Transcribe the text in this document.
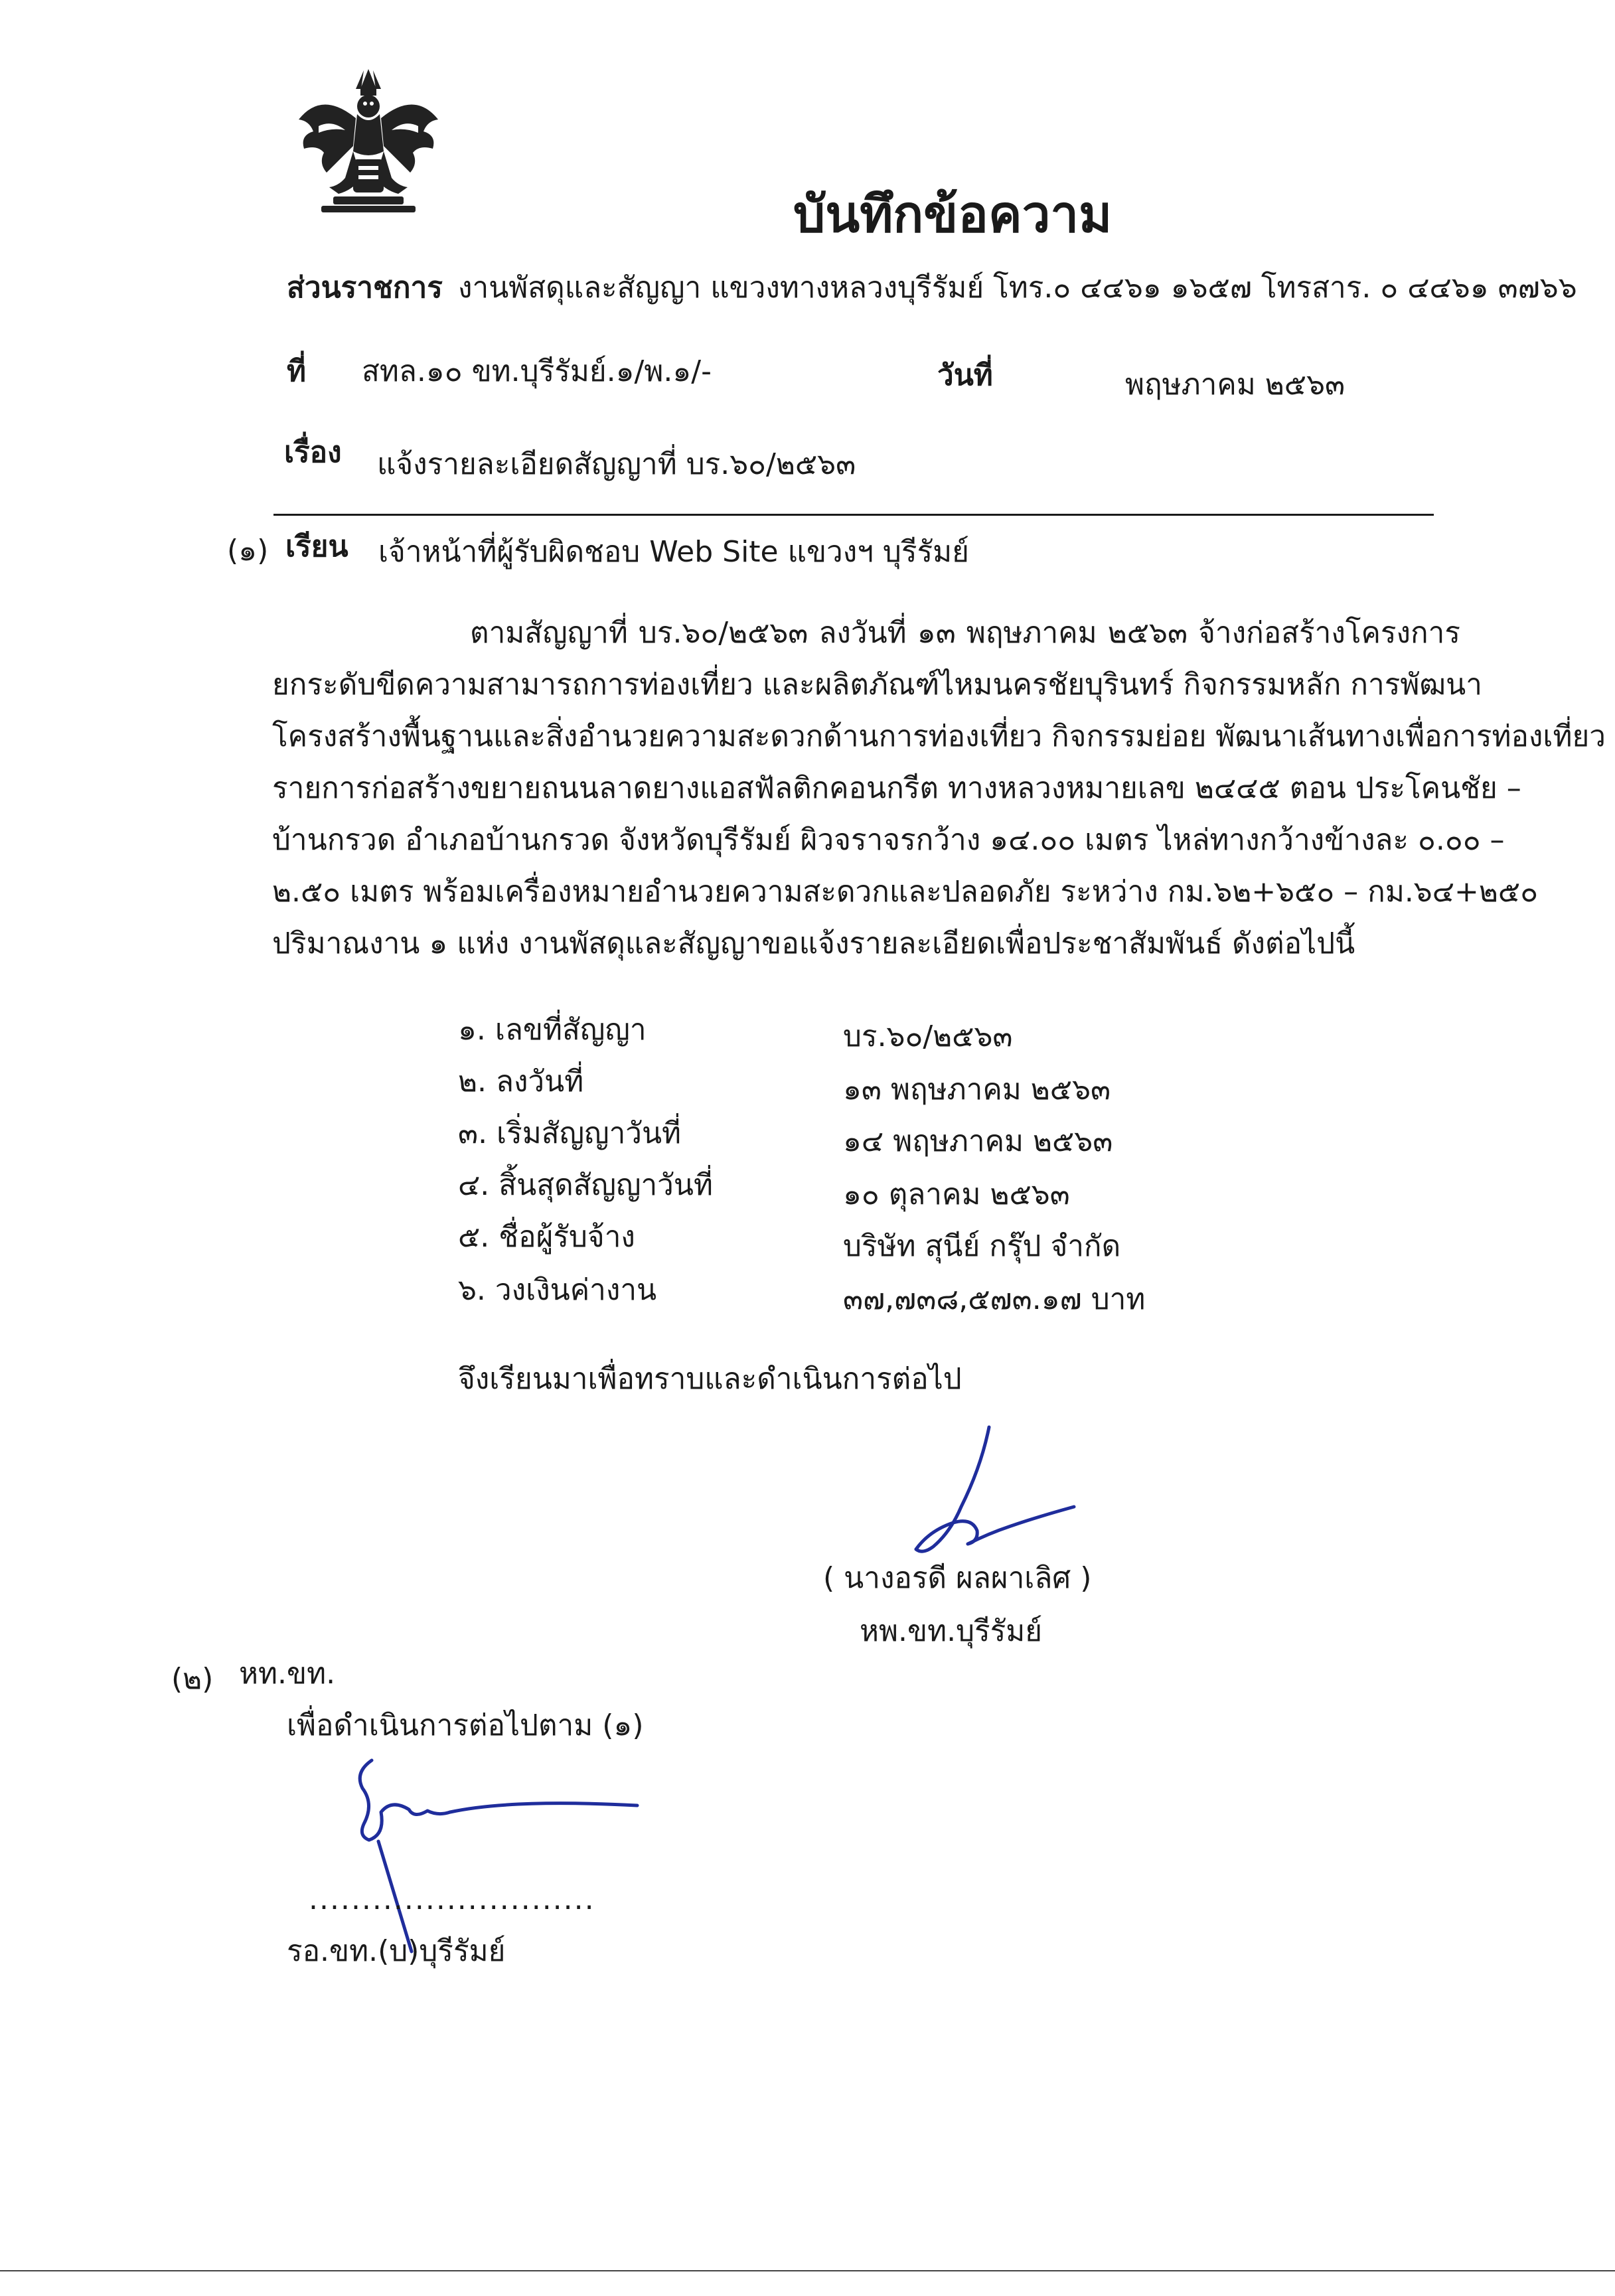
บันทึกข้อความ
ส่วนราชการ งานพัสดุและสัญญา แขวงทางหลวงบุรีรัมย์ โทร.๐ ๔๔๖๑ ๑๖๕๗ โทรสาร. ๐ ๔๔๖๑ ๓๗๖๖
ที่ สทล.๑๐ ขท.บุรีรัมย์.๑/พ.๑/-	วันที่	พฤษภาคม ๒๕๖๓
เรื่อง แจ้งรายละเอียดสัญญาที่ บร.๖๐/๒๕๖๓
(๑) เรียน เจ้าหน้าที่ผู้รับผิดชอบ Web Site แขวงฯ บุรีรัมย์
ตามสัญญาที่ บร.๖๐/๒๕๖๓ ลงวันที่ ๑๓ พฤษภาคม ๒๕๖๓ จ้างก่อสร้างโครงการ
ยกระดับขีดความสามารถการท่องเที่ยว และผลิตภัณฑ์ไหมนครชัยบุรินทร์ กิจกรรมหลัก การพัฒนา
โครงสร้างพื้นฐานและสิ่งอำนวยความสะดวกด้านการท่องเที่ยว กิจกรรมย่อย พัฒนาเส้นทางเพื่อการท่องเที่ยว
รายการก่อสร้างขยายถนนลาดยางแอสฟัลติกคอนกรีต ทางหลวงหมายเลข ๒๔๔๕ ตอน ประโคนชัย –
บ้านกรวด อำเภอบ้านกรวด จังหวัดบุรีรัมย์ ผิวจราจรกว้าง ๑๔.๐๐ เมตร ไหล่ทางกว้างข้างละ ๐.๐๐ –
๒.๕๐ เมตร พร้อมเครื่องหมายอำนวยความสะดวกและปลอดภัย ระหว่าง กม.๖๒+๖๕๐ – กม.๖๔+๒๕๐
ปริมาณงาน ๑ แห่ง งานพัสดุและสัญญาขอแจ้งรายละเอียดเพื่อประชาสัมพันธ์ ดังต่อไปนี้
๑. เลขที่สัญญา	บร.๖๐/๒๕๖๓
๒. ลงวันที่	๑๓ พฤษภาคม ๒๕๖๓
๓. เริ่มสัญญาวันที่	๑๔ พฤษภาคม ๒๕๖๓
๔. สิ้นสุดสัญญาวันที่	๑๐ ตุลาคม ๒๕๖๓
๕. ชื่อผู้รับจ้าง	บริษัท สุนีย์ กรุ๊ป จำกัด
๖. วงเงินค่างาน	๓๗,๗๓๘,๕๗๓.๑๗ บาท
จึงเรียนมาเพื่อทราบและดำเนินการต่อไป
( นางอรดี ผลผาเลิศ )
หพ.ขท.บุรีรัมย์
(๒) หท.ขท.
เพื่อดำเนินการต่อไปตาม (๑)
...........................
รอ.ขท.(บ)บุรีรัมย์
